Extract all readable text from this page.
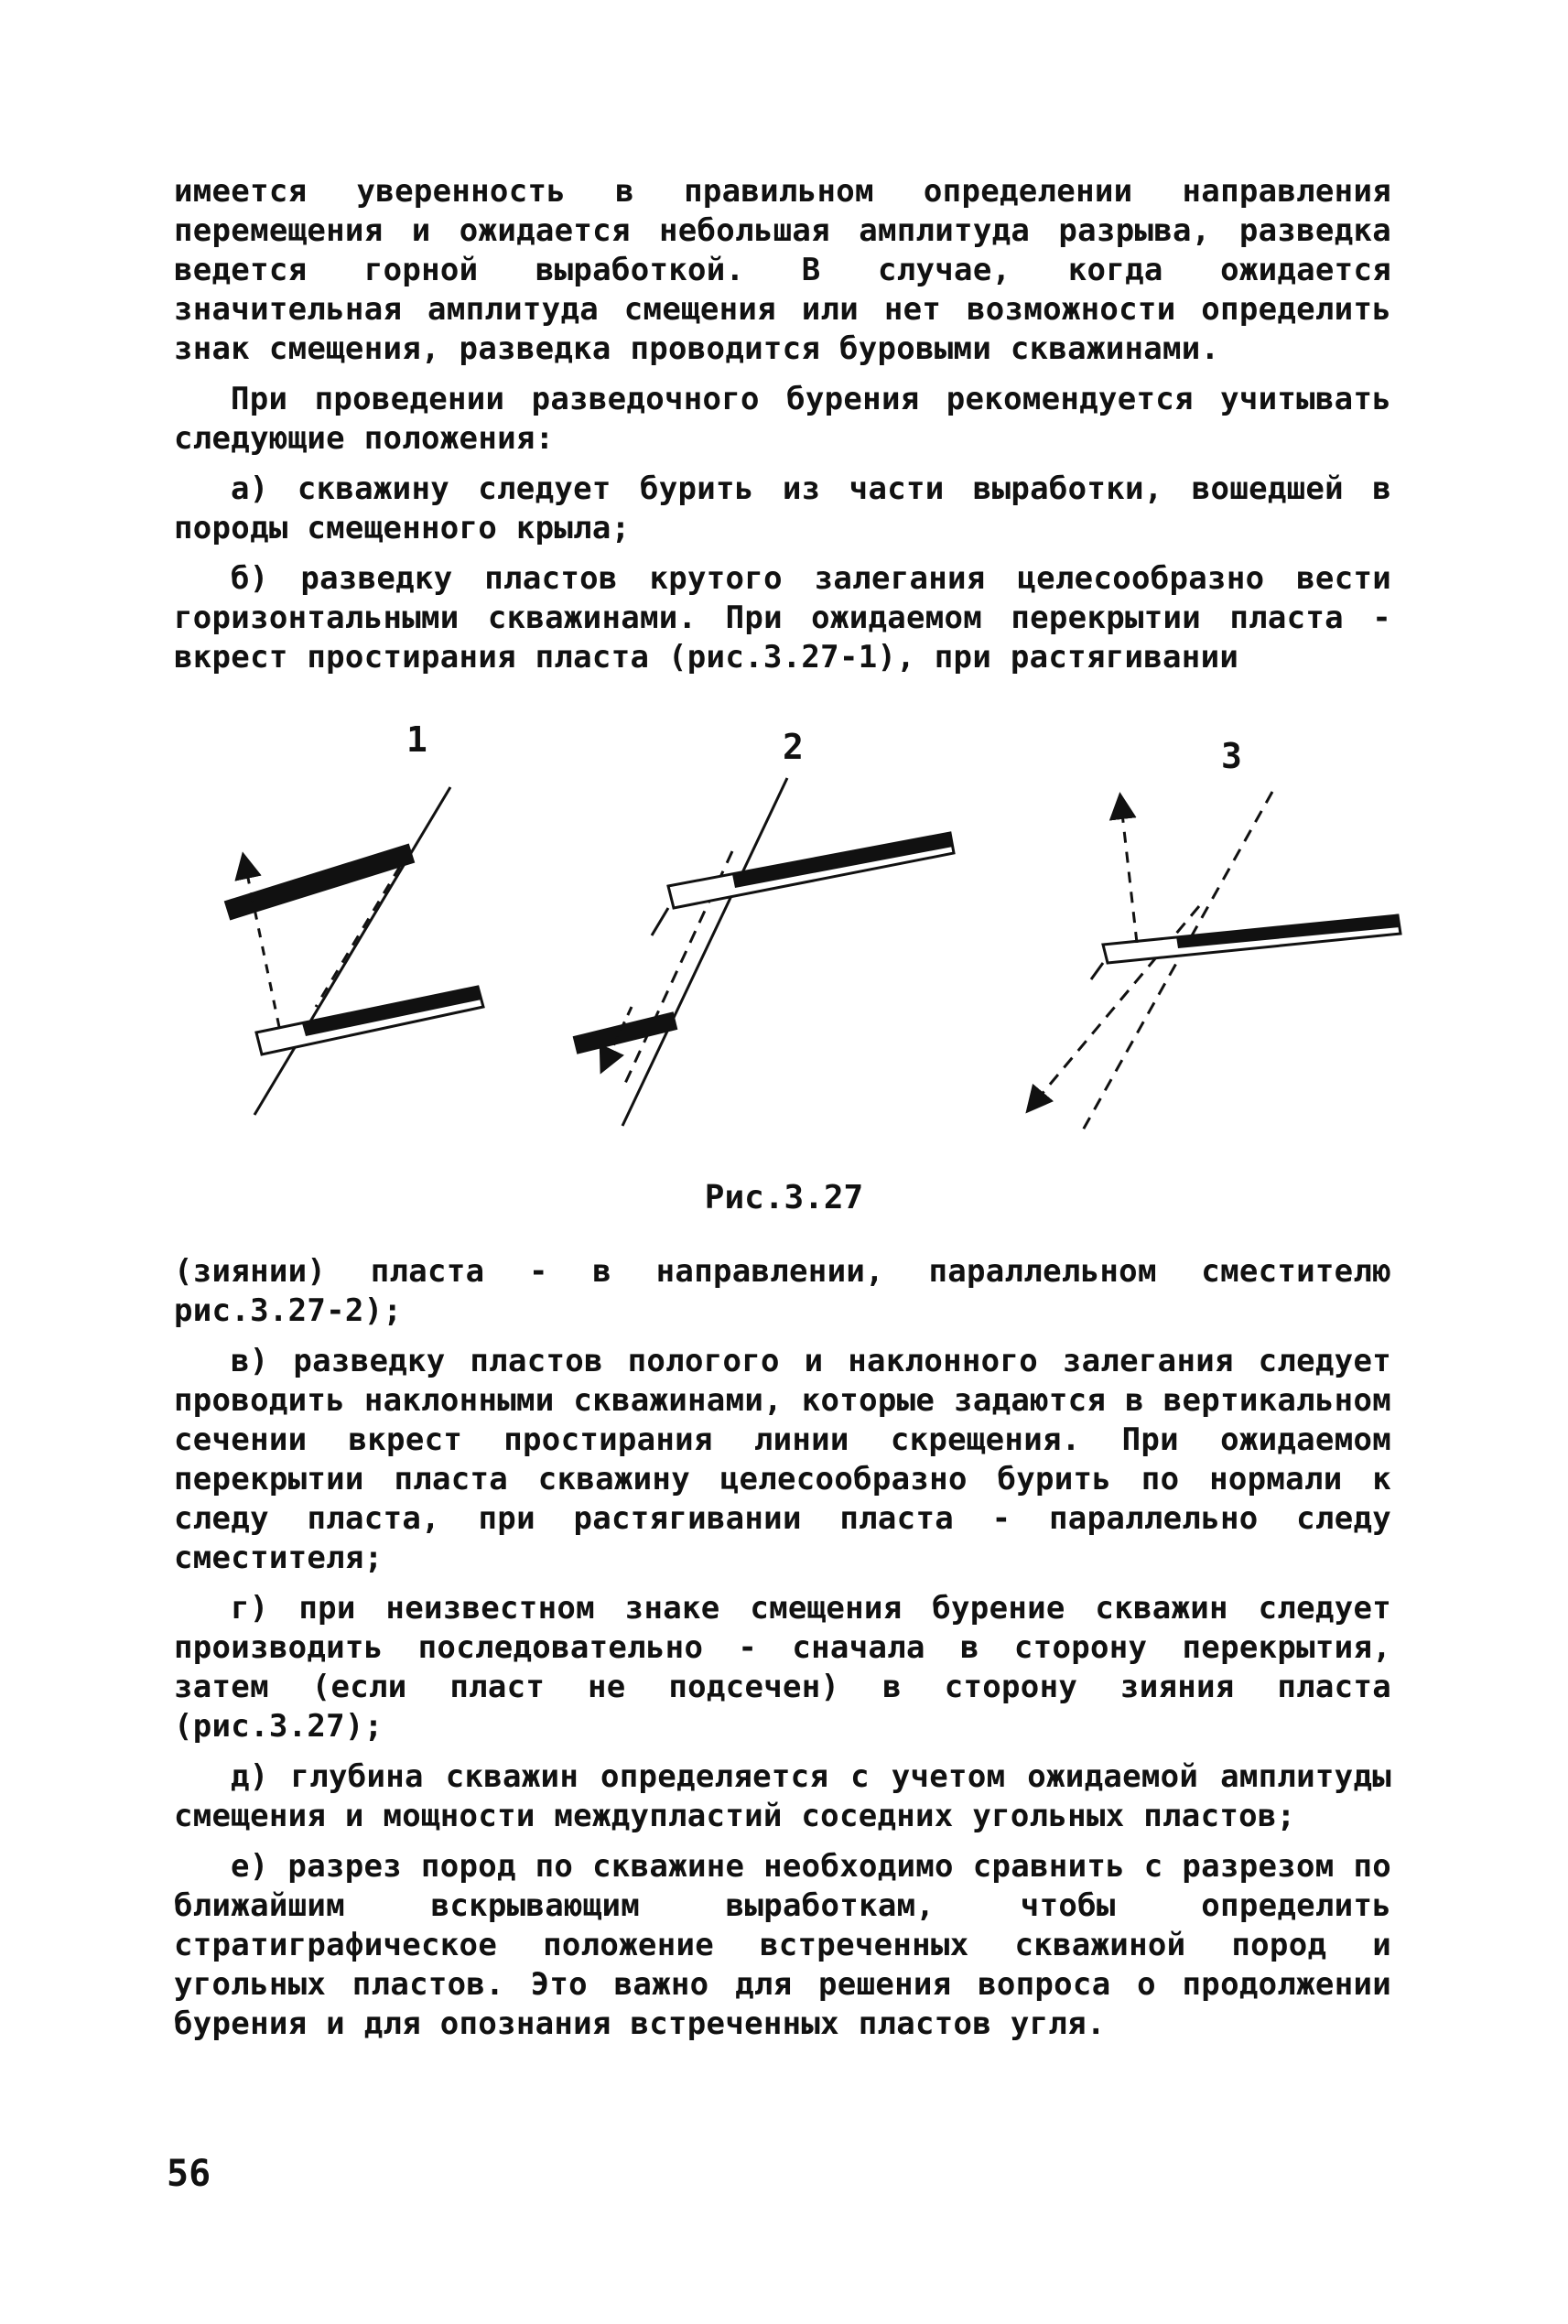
имеется уверенность в правильном определении направления перемещения и ожидается небольшая амплитуда разрыва, разведка ведется горной выработкой. В случае, когда ожидается значительная амплитуда смещения или нет возможности определить знак смещения, разведка проводится буровыми скважинами.

При проведении разведочного бурения рекомендуется учитывать следующие положения:

а) скважину следует бурить из части выработки, вошедшей в породы смещенного крыла;

б) разведку пластов крутого залегания целесообразно вести горизонтальными скважинами. При ожидаемом перекрытии пласта - вкрест простирания пласта (рис.3.27-1), при растягивании

1	2	3
Рис.3.27

(зиянии) пласта - в направлении, параллельном сместителю рис.3.27-2);

в) разведку пластов пологого и наклонного залегания следует проводить наклонными скважинами, которые задаются в вертикальном сечении вкрест простирания линии скрещения. При ожидаемом перекрытии пласта скважину целесообразно бурить по нормали к следу пласта, при растягивании пласта - параллельно следу сместителя;

г) при неизвестном знаке смещения бурение скважин следует производить последовательно - сначала в сторону перекрытия, затем (если пласт не подсечен) в сторону зияния пласта (рис.3.27);

д) глубина скважин определяется с учетом ожидаемой амплитуды смещения и мощности междупластий соседних угольных пластов;

е) разрез пород по скважине необходимо сравнить с разрезом по ближайшим вскрывающим выработкам, чтобы определить стратиграфическое положение встреченных скважиной пород и угольных пластов. Это важно для решения вопроса о продолжении бурения и для опознания встреченных пластов угля.

56
